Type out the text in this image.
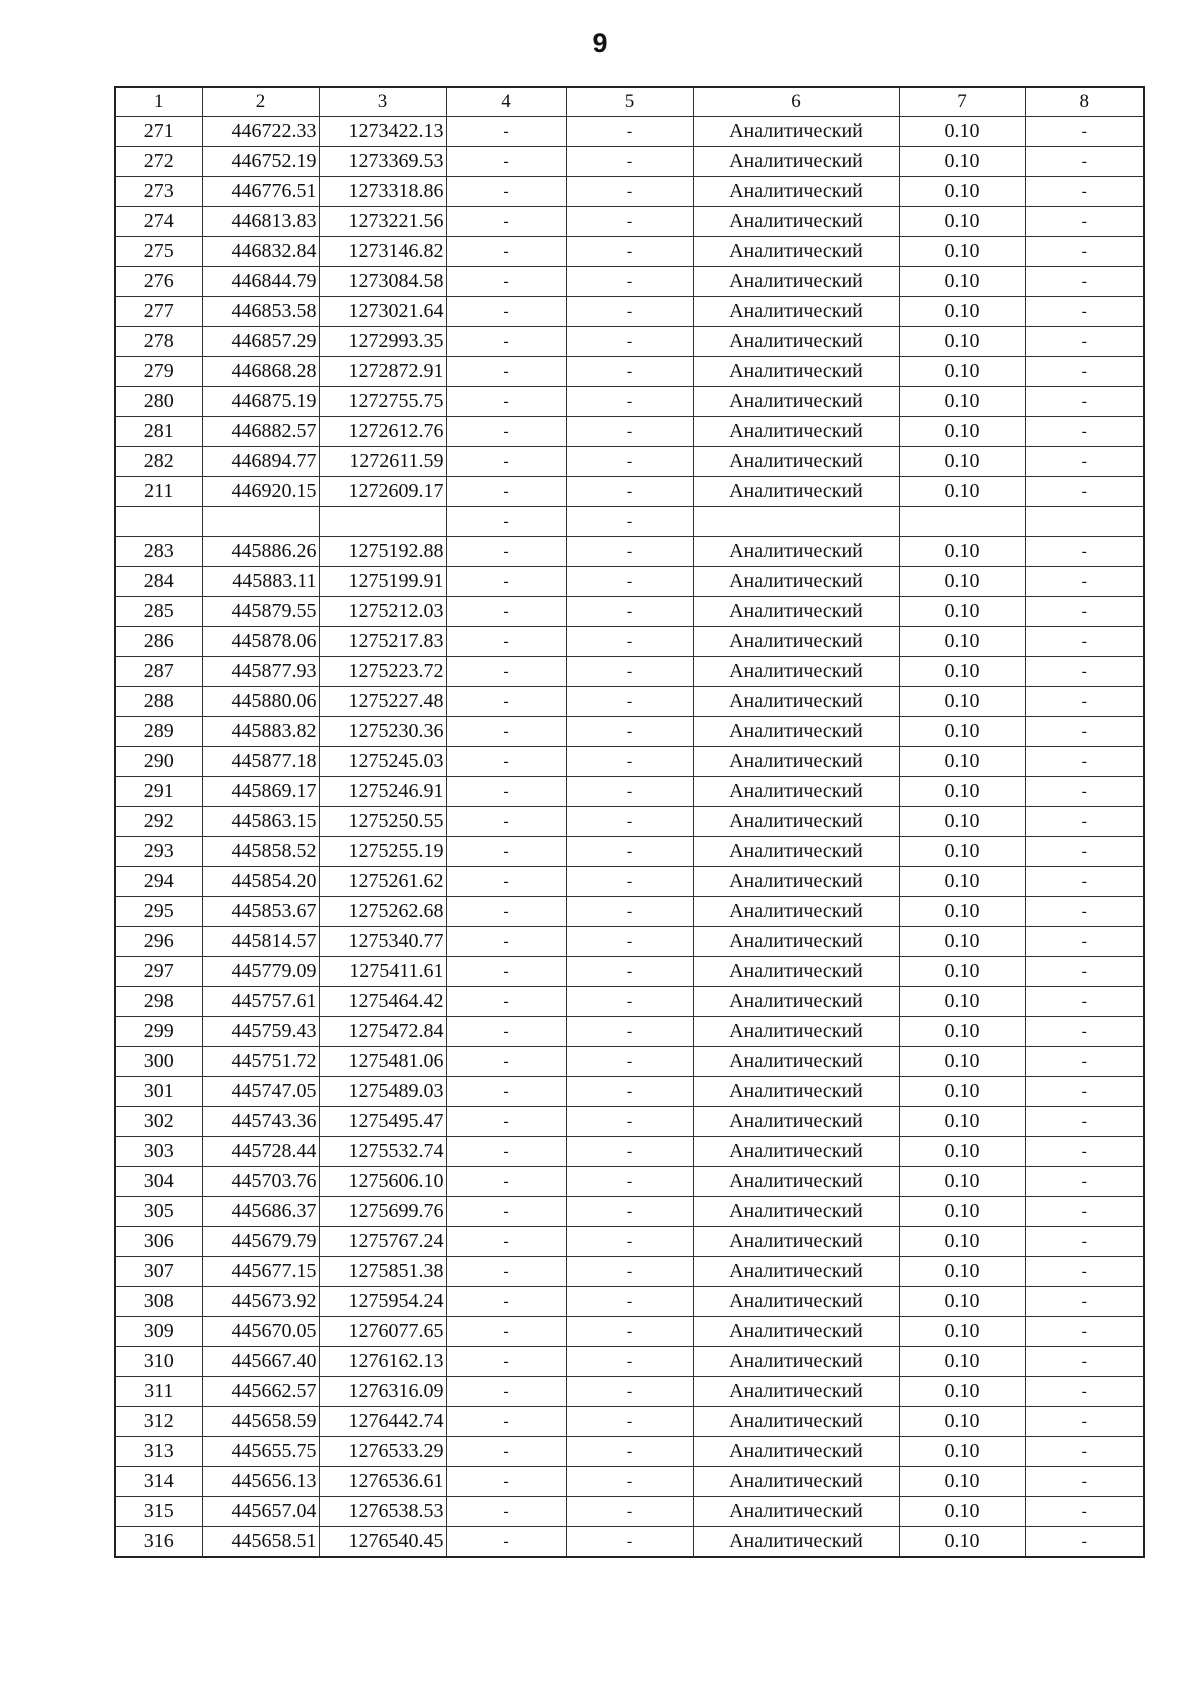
9
1	2	3	4	5	6	7	8
271	446722.33	1273422.13	-	-	Аналитический	0.10	-
272	446752.19	1273369.53	-	-	Аналитический	0.10	-
273	446776.51	1273318.86	-	-	Аналитический	0.10	-
274	446813.83	1273221.56	-	-	Аналитический	0.10	-
275	446832.84	1273146.82	-	-	Аналитический	0.10	-
276	446844.79	1273084.58	-	-	Аналитический	0.10	-
277	446853.58	1273021.64	-	-	Аналитический	0.10	-
278	446857.29	1272993.35	-	-	Аналитический	0.10	-
279	446868.28	1272872.91	-	-	Аналитический	0.10	-
280	446875.19	1272755.75	-	-	Аналитический	0.10	-
281	446882.57	1272612.76	-	-	Аналитический	0.10	-
282	446894.77	1272611.59	-	-	Аналитический	0.10	-
211	446920.15	1272609.17	-	-	Аналитический	0.10	-
			-	-			
283	445886.26	1275192.88	-	-	Аналитический	0.10	-
284	445883.11	1275199.91	-	-	Аналитический	0.10	-
285	445879.55	1275212.03	-	-	Аналитический	0.10	-
286	445878.06	1275217.83	-	-	Аналитический	0.10	-
287	445877.93	1275223.72	-	-	Аналитический	0.10	-
288	445880.06	1275227.48	-	-	Аналитический	0.10	-
289	445883.82	1275230.36	-	-	Аналитический	0.10	-
290	445877.18	1275245.03	-	-	Аналитический	0.10	-
291	445869.17	1275246.91	-	-	Аналитический	0.10	-
292	445863.15	1275250.55	-	-	Аналитический	0.10	-
293	445858.52	1275255.19	-	-	Аналитический	0.10	-
294	445854.20	1275261.62	-	-	Аналитический	0.10	-
295	445853.67	1275262.68	-	-	Аналитический	0.10	-
296	445814.57	1275340.77	-	-	Аналитический	0.10	-
297	445779.09	1275411.61	-	-	Аналитический	0.10	-
298	445757.61	1275464.42	-	-	Аналитический	0.10	-
299	445759.43	1275472.84	-	-	Аналитический	0.10	-
300	445751.72	1275481.06	-	-	Аналитический	0.10	-
301	445747.05	1275489.03	-	-	Аналитический	0.10	-
302	445743.36	1275495.47	-	-	Аналитический	0.10	-
303	445728.44	1275532.74	-	-	Аналитический	0.10	-
304	445703.76	1275606.10	-	-	Аналитический	0.10	-
305	445686.37	1275699.76	-	-	Аналитический	0.10	-
306	445679.79	1275767.24	-	-	Аналитический	0.10	-
307	445677.15	1275851.38	-	-	Аналитический	0.10	-
308	445673.92	1275954.24	-	-	Аналитический	0.10	-
309	445670.05	1276077.65	-	-	Аналитический	0.10	-
310	445667.40	1276162.13	-	-	Аналитический	0.10	-
311	445662.57	1276316.09	-	-	Аналитический	0.10	-
312	445658.59	1276442.74	-	-	Аналитический	0.10	-
313	445655.75	1276533.29	-	-	Аналитический	0.10	-
314	445656.13	1276536.61	-	-	Аналитический	0.10	-
315	445657.04	1276538.53	-	-	Аналитический	0.10	-
316	445658.51	1276540.45	-	-	Аналитический	0.10	-
